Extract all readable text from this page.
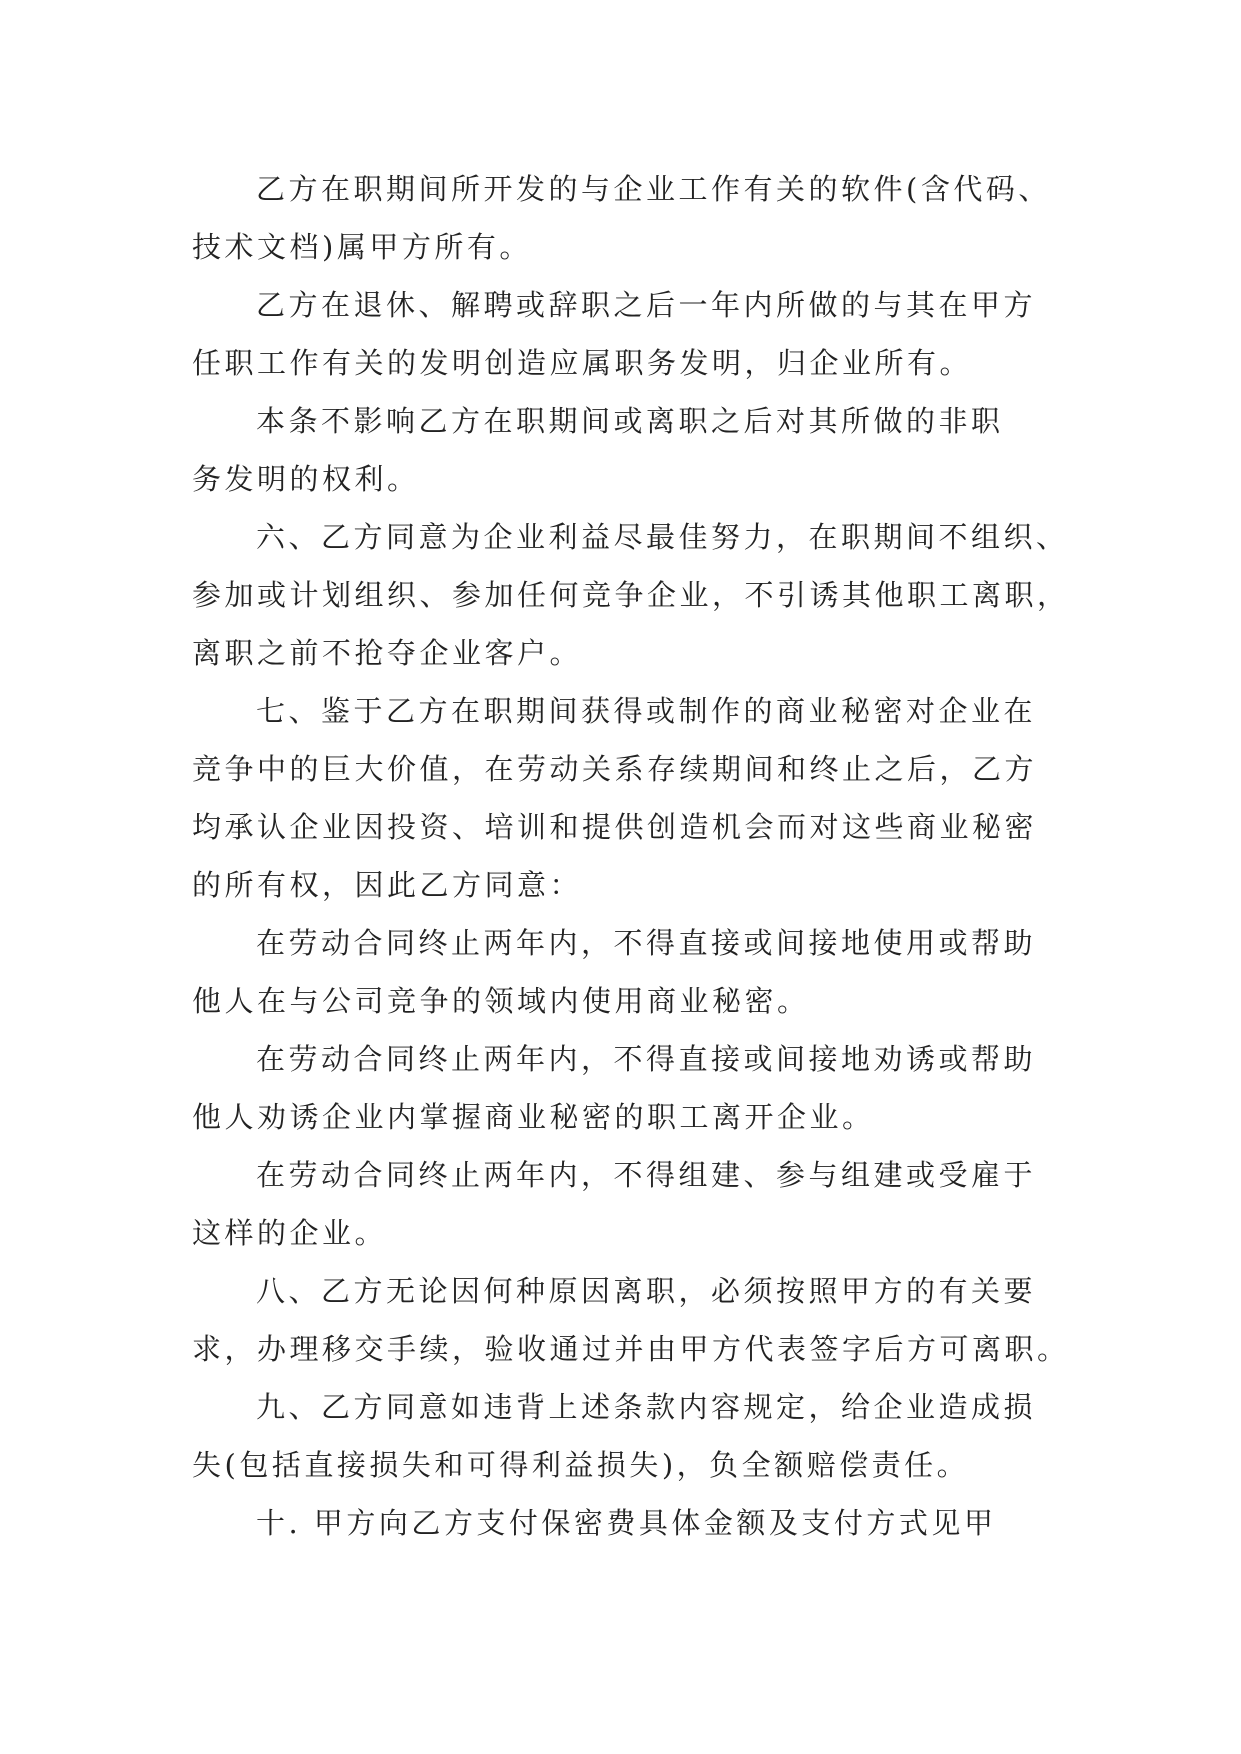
乙方在职期间所开发的与企业工作有关的软件(含代码、
技术文档)属甲方所有。

乙方在退休、解聘或辞职之后一年内所做的与其在甲方
任职工作有关的发明创造应属职务发明，归企业所有。

本条不影响乙方在职期间或离职之后对其所做的非职
务发明的权利。

六、乙方同意为企业利益尽最佳努力，在职期间不组织、
参加或计划组织、参加任何竞争企业，不引诱其他职工离职，
离职之前不抢夺企业客户。

七、鉴于乙方在职期间获得或制作的商业秘密对企业在
竞争中的巨大价值，在劳动关系存续期间和终止之后，乙方
均承认企业因投资、培训和提供创造机会而对这些商业秘密
的所有权，因此乙方同意：

在劳动合同终止两年内，不得直接或间接地使用或帮助
他人在与公司竞争的领域内使用商业秘密。

在劳动合同终止两年内，不得直接或间接地劝诱或帮助
他人劝诱企业内掌握商业秘密的职工离开企业。

在劳动合同终止两年内，不得组建、参与组建或受雇于
这样的企业。

八、乙方无论因何种原因离职，必须按照甲方的有关要
求，办理移交手续，验收通过并由甲方代表签字后方可离职。

九、乙方同意如违背上述条款内容规定，给企业造成损
失(包括直接损失和可得利益损失)，负全额赔偿责任。

十. 甲方向乙方支付保密费具体金额及支付方式见甲
